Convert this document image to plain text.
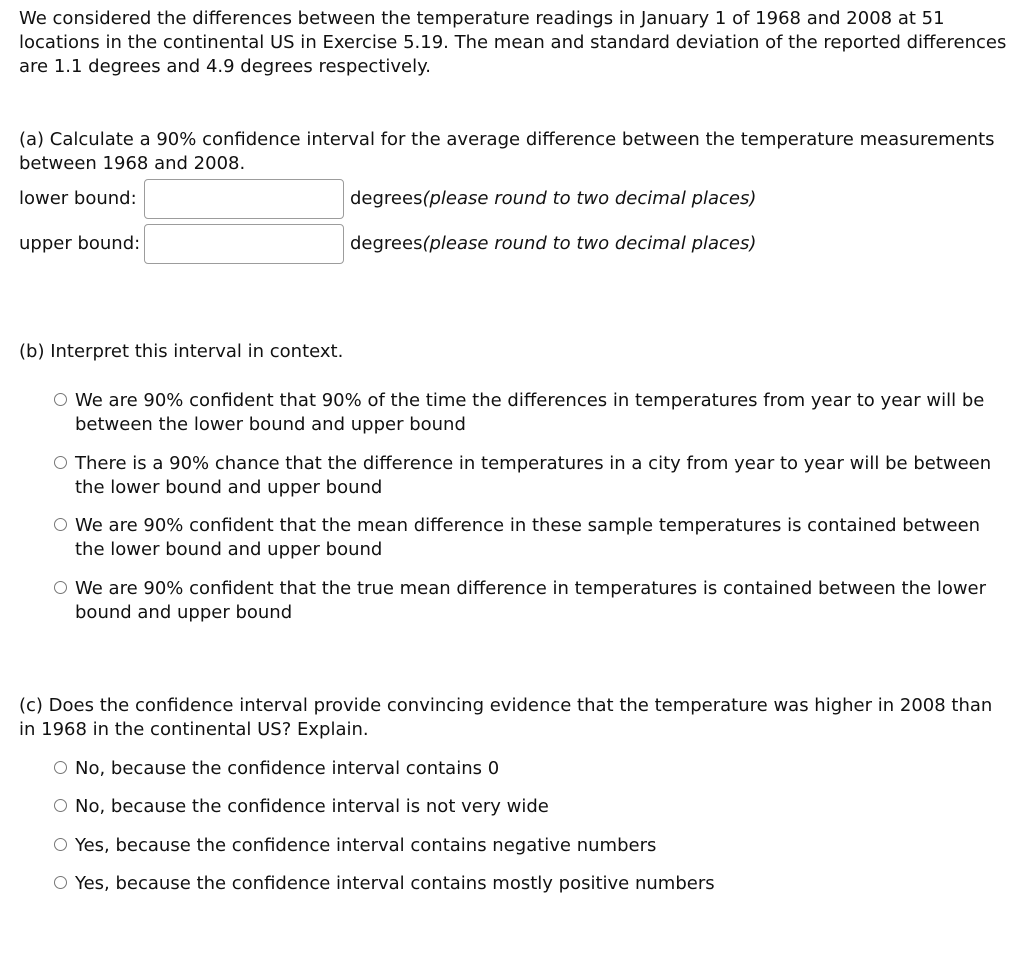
We considered the differences between the temperature readings in January 1 of 1968 and 2008 at 51 locations in the continental US in Exercise 5.19. The mean and standard deviation of the reported differences are 1.1 degrees and 4.9 degrees respectively.
(a) Calculate a 90% confidence interval for the average difference between the temperature measurements between 1968 and 2008.
lower bound:	degrees (please round to two decimal places)
upper bound:	degrees (please round to two decimal places)
(b) Interpret this interval in context.
We are 90% confident that 90% of the time the differences in temperatures from year to year will be between the lower bound and upper bound
There is a 90% chance that the difference in temperatures in a city from year to year will be between the lower bound and upper bound
We are 90% confident that the mean difference in these sample temperatures is contained between the lower bound and upper bound
We are 90% confident that the true mean difference in temperatures is contained between the lower bound and upper bound
(c) Does the confidence interval provide convincing evidence that the temperature was higher in 2008 than in 1968 in the continental US? Explain.
No, because the confidence interval contains 0
No, because the confidence interval is not very wide
Yes, because the confidence interval contains negative numbers
Yes, because the confidence interval contains mostly positive numbers
